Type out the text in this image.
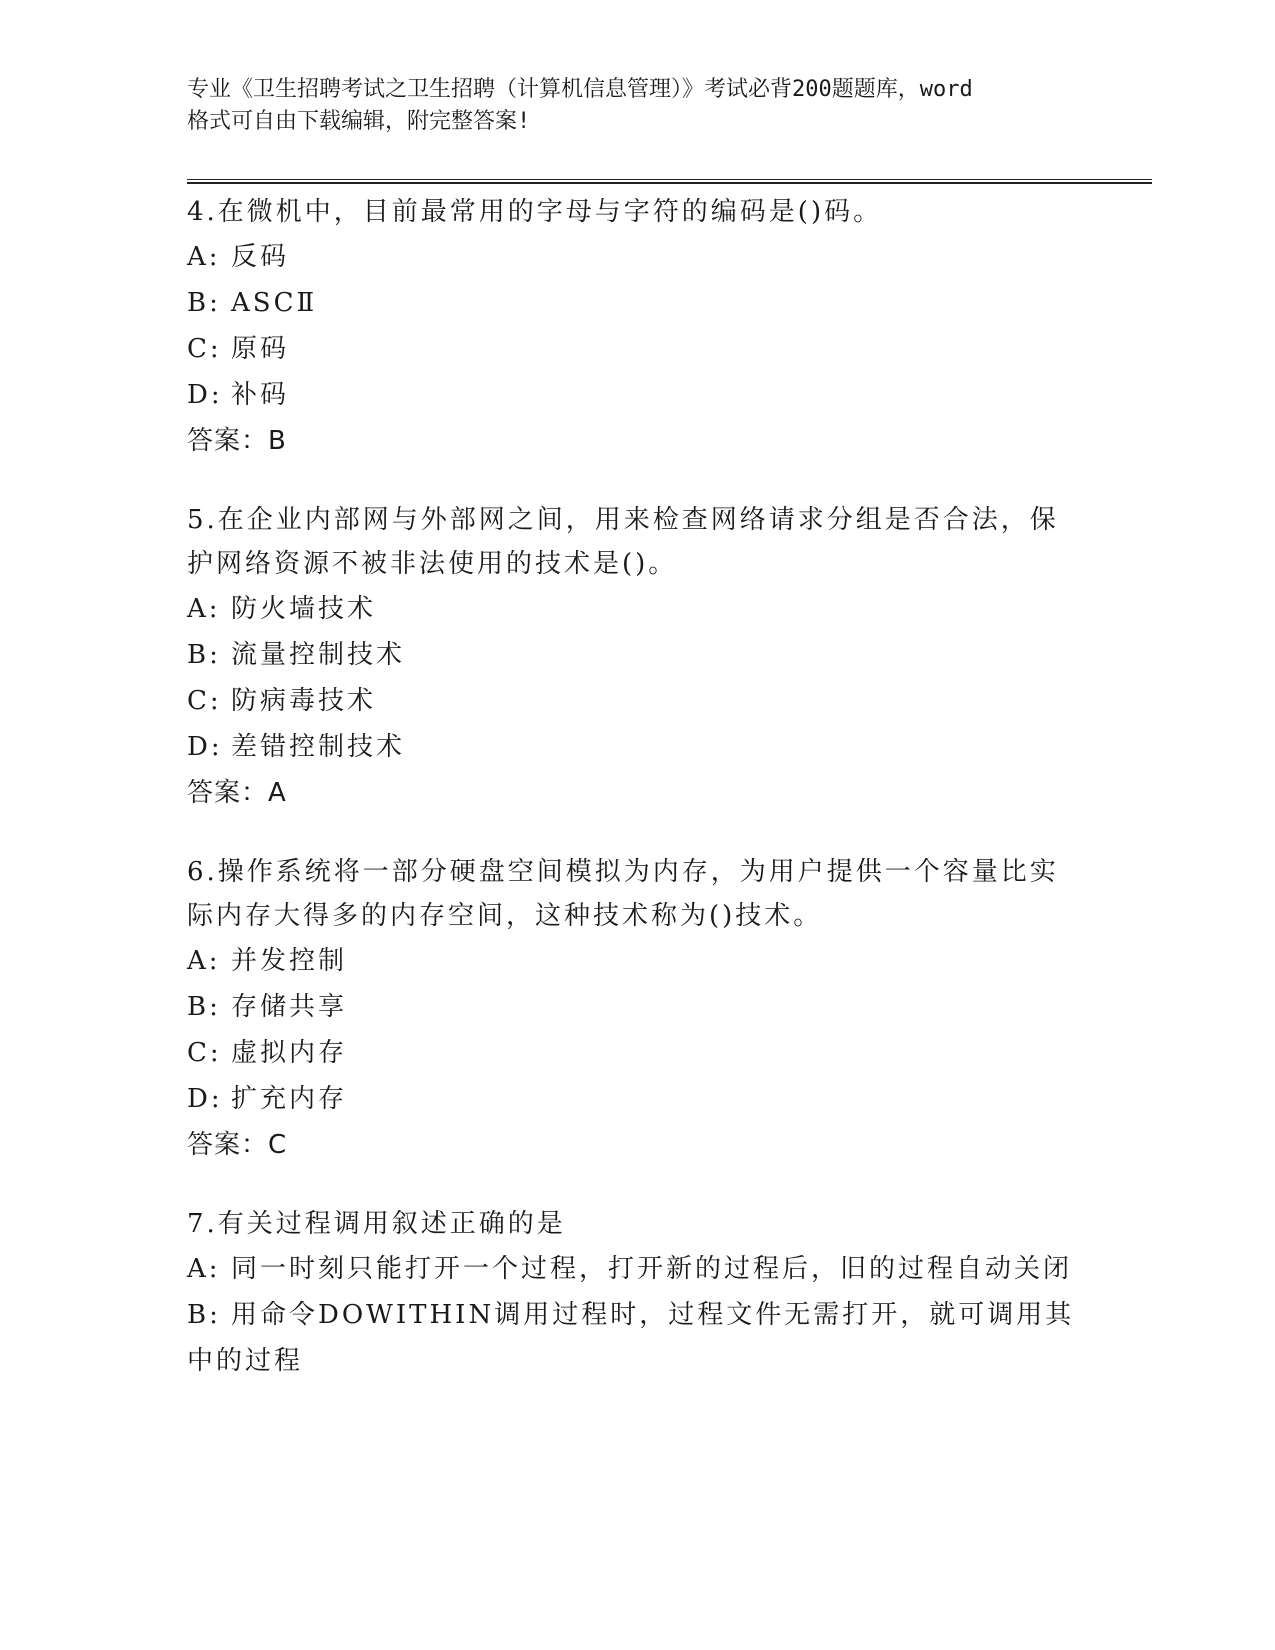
专业《卫生招聘考试之卫生招聘（计算机信息管理）》考试必背200题题库，word
格式可自由下载编辑，附完整答案!
4.在微机中，目前最常用的字母与字符的编码是()码。
A: 反码
B: ASCⅡ
C: 原码
D: 补码
答案：B
5.在企业内部网与外部网之间，用来检查网络请求分组是否合法，保护网络资源不被非法使用的技术是()。
A: 防火墙技术
B: 流量控制技术
C: 防病毒技术
D: 差错控制技术
答案：A
6.操作系统将一部分硬盘空间模拟为内存，为用户提供一个容量比实际内存大得多的内存空间，这种技术称为()技术。
A: 并发控制
B: 存储共享
C: 虚拟内存
D: 扩充内存
答案：C
7.有关过程调用叙述正确的是
A: 同一时刻只能打开一个过程，打开新的过程后，旧的过程自动关闭
B: 用命令DOWITHIN调用过程时，过程文件无需打开，就可调用其中的过程
